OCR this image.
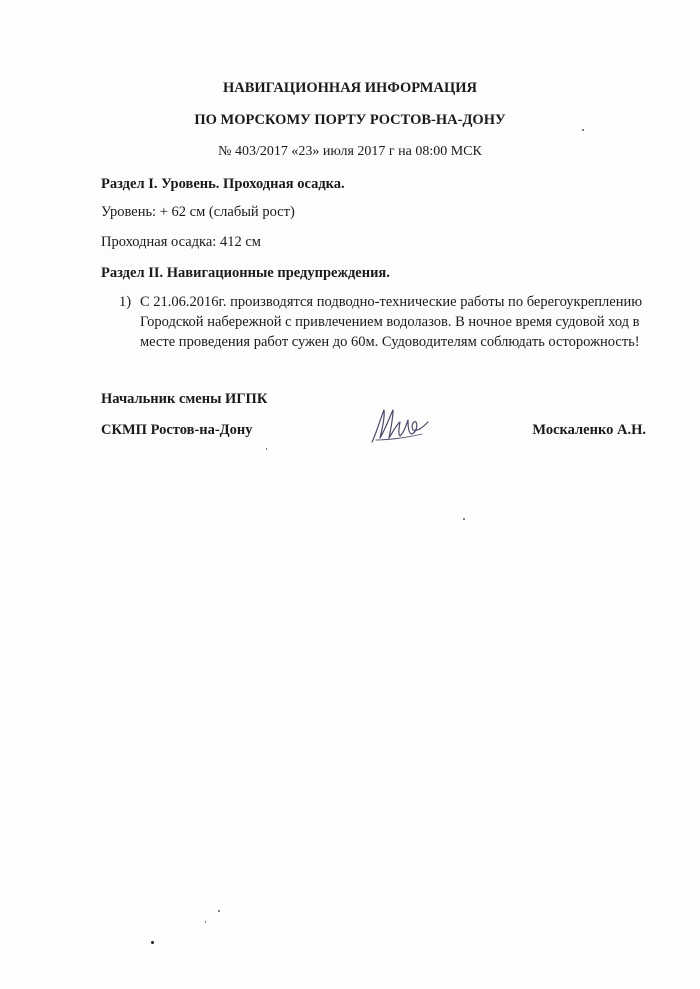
НАВИГАЦИОННАЯ ИНФОРМАЦИЯ
ПО МОРСКОМУ ПОРТУ РОСТОВ-НА-ДОНУ
№ 403/2017 «23» июля 2017 г на 08:00 МСК
Раздел I. Уровень. Проходная осадка.
Уровень: + 62 см (слабый рост)
Проходная осадка: 412 см
Раздел II. Навигационные предупреждения.
1) С 21.06.2016г. производятся подводно-технические работы по берегоукреплению
Городской набережной с привлечением водолазов. В ночное время судовой ход в
месте проведения работ сужен до 60м. Судоводителям соблюдать осторожность!
Начальник смены ИГПК
СКМП Ростов-на-Дону	Москаленко А.Н.
